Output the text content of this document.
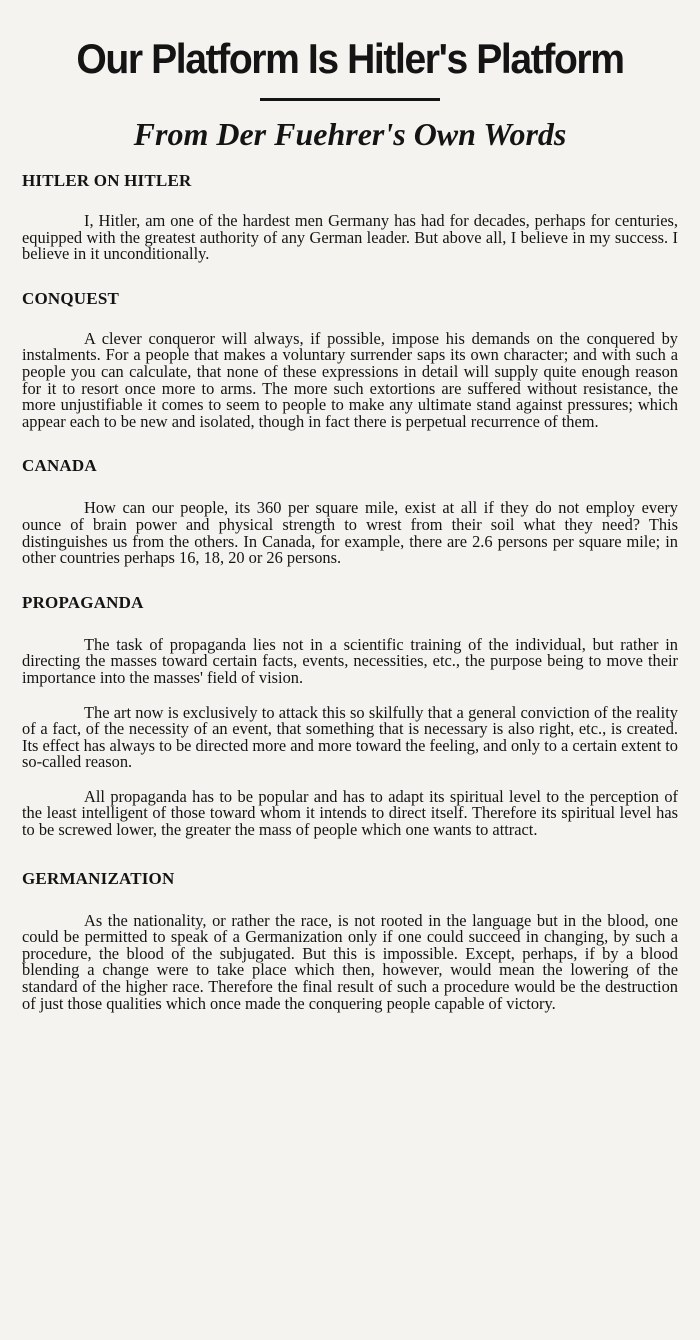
Our Platform Is Hitler's Platform
From Der Fuehrer's Own Words
HITLER ON HITLER

I, Hitler, am one of the hardest men Germany has had for decades, perhaps for centuries, equipped with the greatest authority of any German leader. But above all, I believe in my success. I believe in it unconditionally.

CONQUEST

A clever conqueror will always, if possible, impose his demands on the conquered by instalments. For a people that makes a voluntary surrender saps its own character; and with such a people you can calculate, that none of these expressions in detail will supply quite enough reason for it to resort once more to arms. The more such extortions are suffered without resistance, the more unjustifiable it comes to seem to people to make any ultimate stand against pressures; which appear each to be new and isolated, though in fact there is perpetual recurrence of them.

CANADA

How can our people, its 360 per square mile, exist at all if they do not employ every ounce of brain power and physical strength to wrest from their soil what they need? This distinguishes us from the others. In Canada, for example, there are 2.6 persons per square mile; in other countries perhaps 16, 18, 20 or 26 persons.

PROPAGANDA

The task of propaganda lies not in a scientific training of the individual, but rather in directing the masses toward certain facts, events, necessities, etc., the purpose being to move their importance into the masses' field of vision.

The art now is exclusively to attack this so skilfully that a general conviction of the reality of a fact, of the necessity of an event, that something that is necessary is also right, etc., is created. Its effect has always to be directed more and more toward the feeling, and only to a certain extent to so-called reason.

All propaganda has to be popular and has to adapt its spiritual level to the perception of the least intelligent of those toward whom it intends to direct itself. Therefore its spiritual level has to be screwed lower, the greater the mass of people which one wants to attract.

GERMANIZATION

As the nationality, or rather the race, is not rooted in the language but in the blood, one could be permitted to speak of a Germanization only if one could succeed in changing, by such a procedure, the blood of the subjugated. But this is impossible. Except, perhaps, if by a blood blending a change were to take place which then, however, would mean the lowering of the standard of the higher race. Therefore the final result of such a procedure would be the destruction of just those qualities which once made the conquering people capable of victory.
